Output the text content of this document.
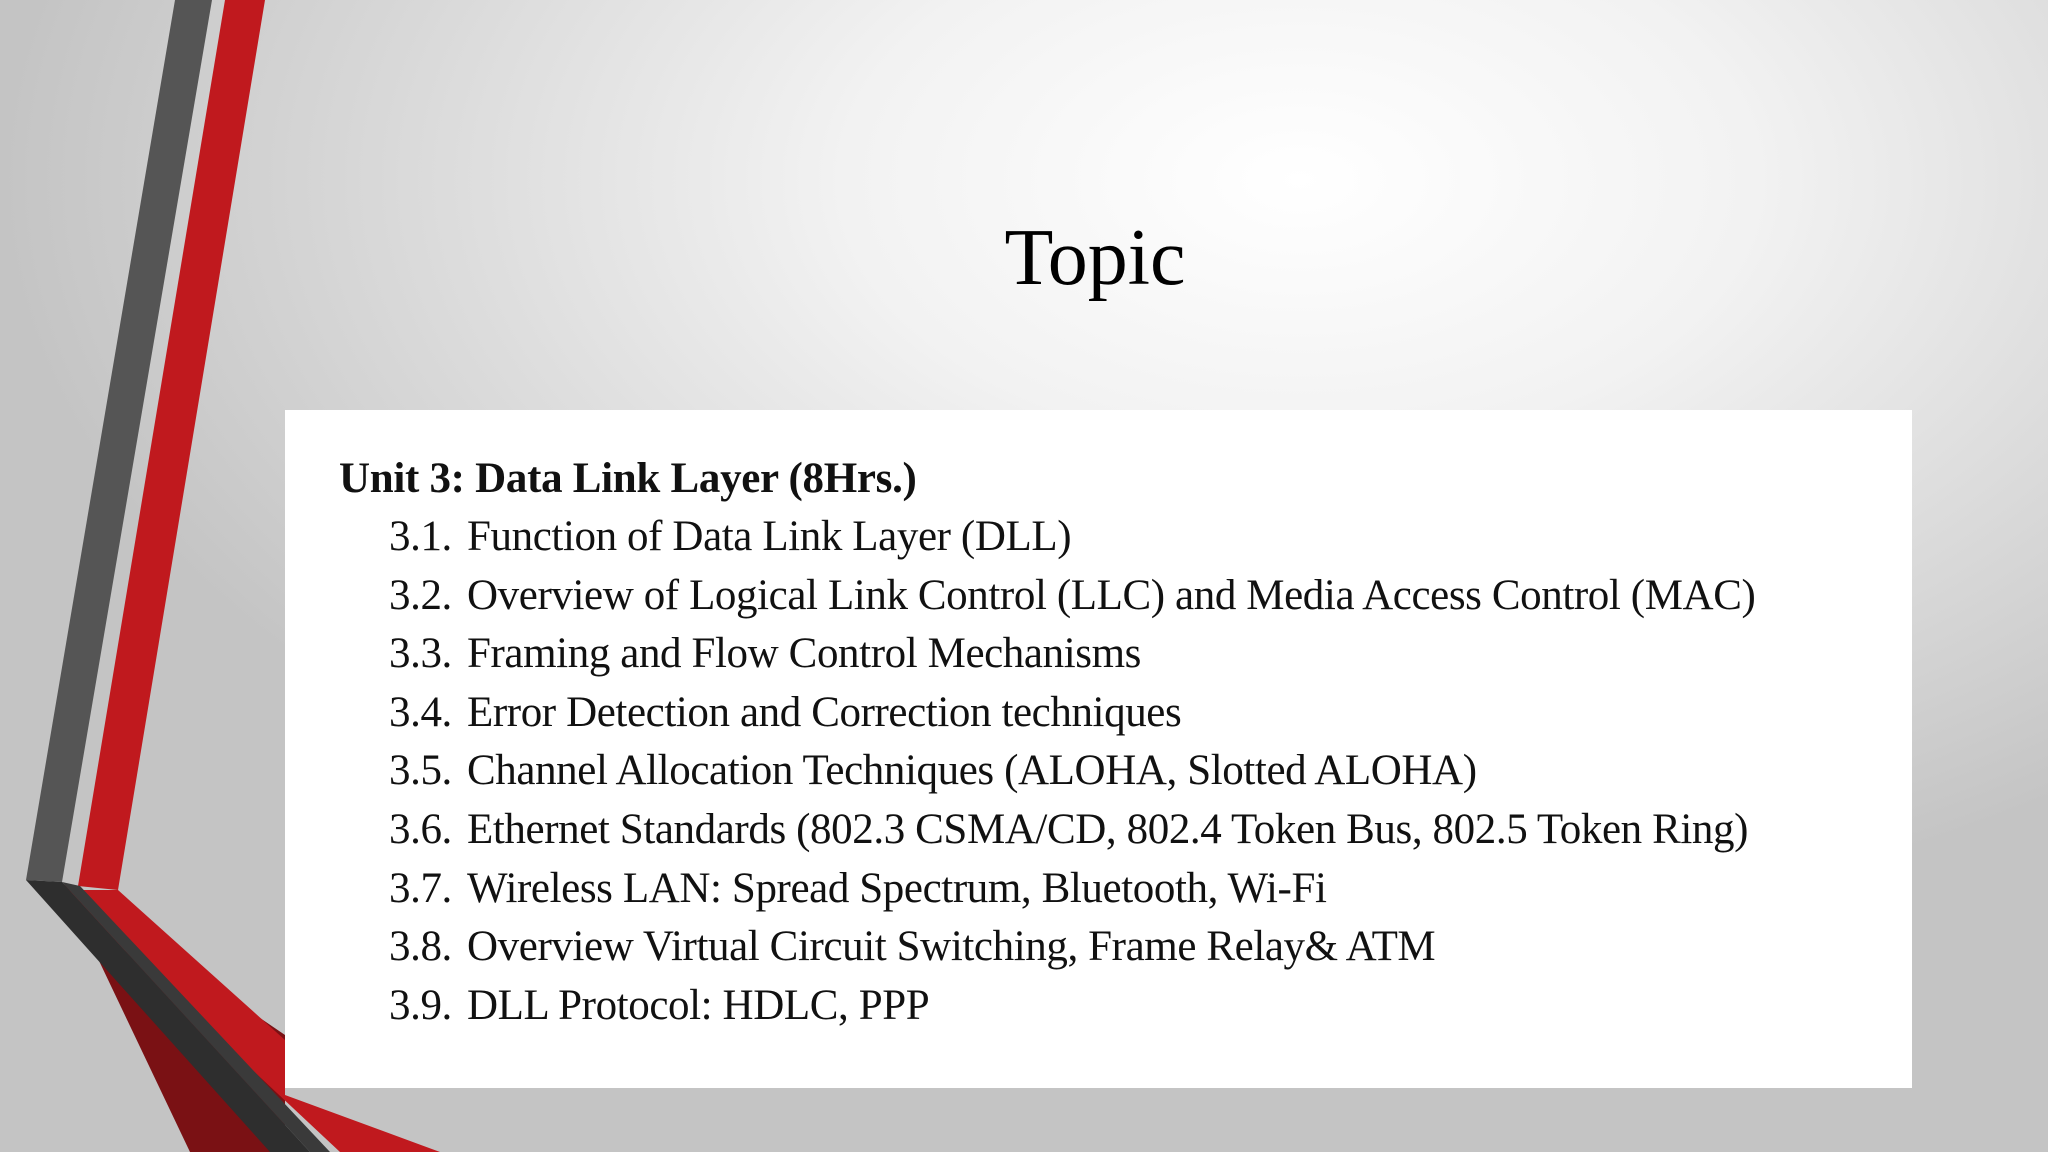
Topic

Unit 3: Data Link Layer (8Hrs.)

3.1. Function of Data Link Layer (DLL)
3.2. Overview of Logical Link Control (LLC) and Media Access Control (MAC)
3.3. Framing and Flow Control Mechanisms
3.4. Error Detection and Correction techniques
3.5. Channel Allocation Techniques (ALOHA, Slotted ALOHA)
3.6. Ethernet Standards (802.3 CSMA/CD, 802.4 Token Bus, 802.5 Token Ring)
3.7. Wireless LAN: Spread Spectrum, Bluetooth, Wi-Fi
3.8. Overview Virtual Circuit Switching, Frame Relay& ATM
3.9. DLL Protocol: HDLC, PPP
